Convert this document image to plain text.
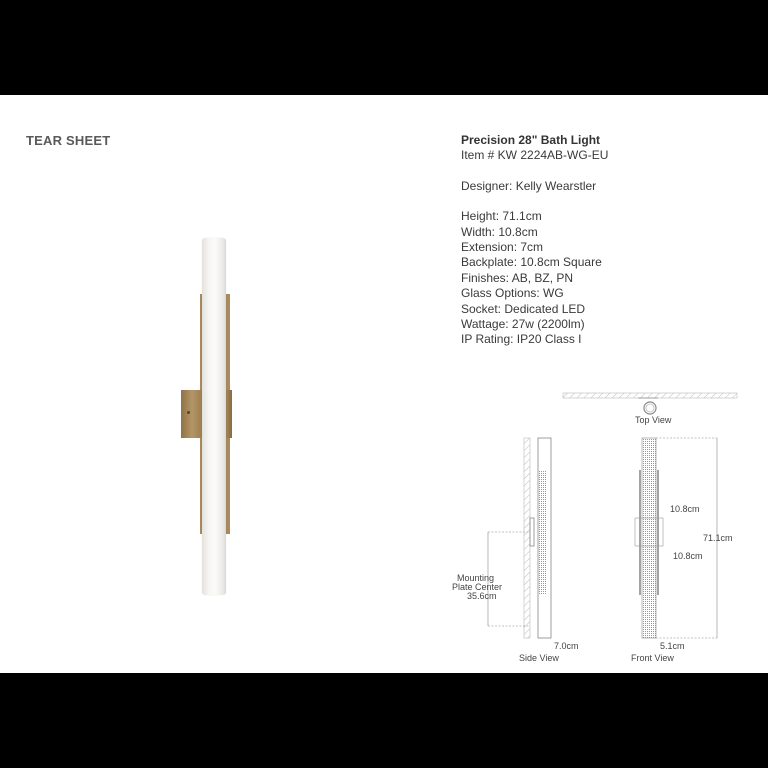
TEAR SHEET	Precision 28" Bath Light
Item # KW 2224AB-WG-EU
Designer: Kelly Wearstler
Height: 71.1cm
Width: 10.8cm
Extension: 7cm
Backplate: 10.8cm Square
Finishes: AB, BZ, PN
Glass Options: WG
Socket: Dedicated LED
Wattage: 27w (2200lm)
IP Rating: IP20 Class I
Top View
Mounting
Plate Center
35.6cm
7.0cm
Side View
10.8cm
10.8cm
71.1cm
5.1cm
Front View
